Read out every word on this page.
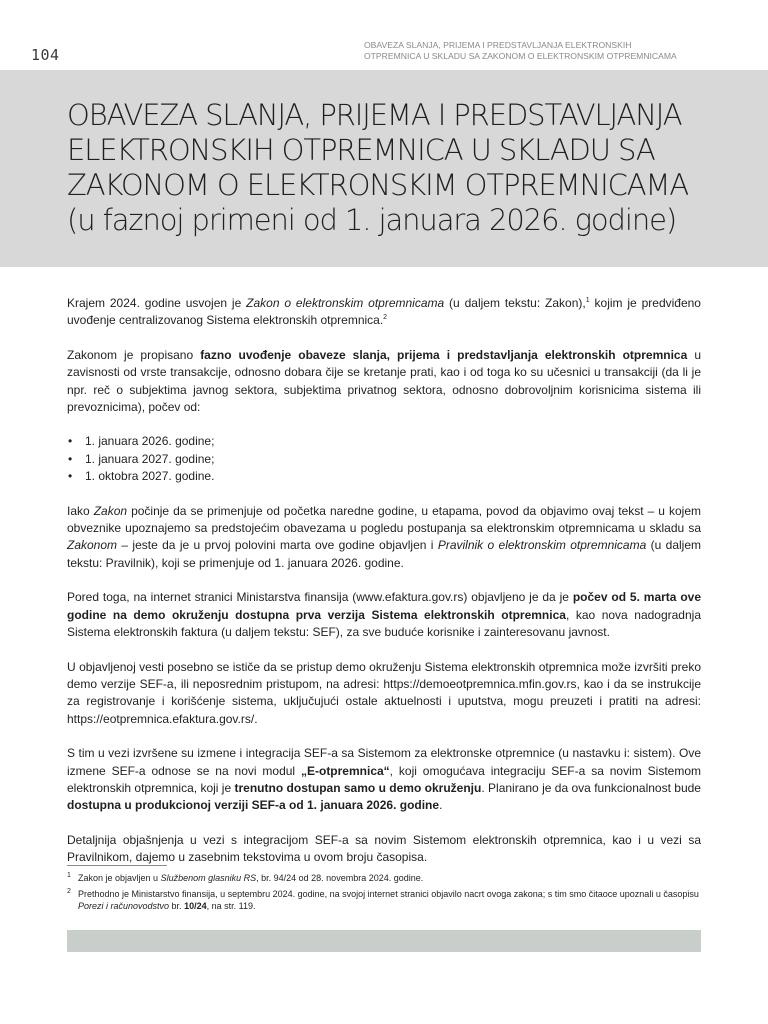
104
OBAVEZA SLANJA, PRIJEMA I PREDSTAVLJANJA ELEKTRONSKIH
OTPREMNICA U SKLADU SA ZAKONOM O ELEKTRONSKIM OTPREMNICAMA
OBAVEZA SLANJA, PRIJEMA I PREDSTAVLJANJA
ELEKTRONSKIH OTPREMNICA U SKLADU SA
ZAKONOM O ELEKTRONSKIM OTPREMNICAMA
(u faznoj primeni od 1. januara 2026. godine)

Krajem 2024. godine usvojen je Zakon o elektronskim otpremnicama (u daljem tekstu: Zakon),$^1$ kojim je predviđeno uvođenje centralizovanog Sistema elektronskih otpremnica.$^2$

Zakonom je propisano fazno uvođenje obaveze slanja, prijema i predstavljanja elektronskih otpremnica u zavisnosti od vrste transakcije, odnosno dobara čije se kretanje prati, kao i od toga ko su učesnici u transakciji (da li je npr. reč o subjektima javnog sektora, subjektima privatnog sektora, odnosno dobrovoljnim korisnicima sistema ili prevoznicima), počev od:

• 1. januara 2026. godine;
• 1. januara 2027. godine;
• 1. oktobra 2027. godine.

Iako Zakon počinje da se primenjuje od početka naredne godine, u etapama, povod da objavimo ovaj tekst – u kojem obveznike upoznajemo sa predstojećim obavezama u pogledu postupanja sa elektronskim otpremnicama u skladu sa Zakonom – jeste da je u prvoj polovini marta ove godine objavljen i Pravilnik o elektronskim otpremnicama (u daljem tekstu: Pravilnik), koji se primenjuje od 1. januara 2026. godine.

Pored toga, na internet stranici Ministarstva finansija (www.efaktura.gov.rs) objavljeno je da je počev od 5. marta ove godine na demo okruženju dostupna prva verzija Sistema elektronskih otpremnica, kao nova nadogradnja Sistema elektronskih faktura (u daljem tekstu: SEF), za sve buduće korisnike i zainteresovanu javnost.

U objavljenoj vesti posebno se ističe da se pristup demo okruženju Sistema elektronskih otpremnica može izvršiti preko demo verzije SEF-a, ili neposrednim pristupom, na adresi: https://demoeotpremnica.mfin.gov.rs, kao i da se instrukcije za registrovanje i korišćenje sistema, uključujući ostale aktuelnosti i uputstva, mogu preuzeti i pratiti na adresi: https://eotpremnica.efaktura.gov.rs/.

S tim u vezi izvršene su izmene i integracija SEF-a sa Sistemom za elektronske otpremnice (u nastavku i: sistem). Ove izmene SEF-a odnose se na novi modul „E-otpremnica“, koji omogućava integraciju SEF-a sa novim Sistemom elektronskih otpremnica, koji je trenutno dostupan samo u demo okruženju. Planirano je da ova funkcionalnost bude dostupna u produkcionoj verziji SEF-a od 1. januara 2026. godine.

Detaljnija objašnjenja u vezi s integracijom SEF-a sa novim Sistemom elektronskih otpremnica, kao i u vezi sa Pravilnikom, dajemo u zasebnim tekstovima u ovom broju časopisa.

1 Zakon je objavljen u Službenom glasniku RS, br. 94/24 od 28. novembra 2024. godine.
2 Prethodno je Ministarstvo finansija, u septembru 2024. godine, na svojoj internet stranici objavilo nacrt ovoga zakona; s tim smo čitaoce upoznali u časopisu Porezi i računovodstvo br. 10/24, na str. 119.
